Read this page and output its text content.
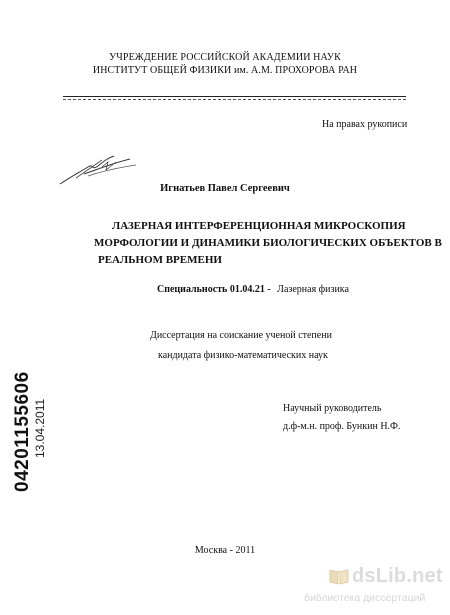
УЧРЕЖДЕНИЕ РОССИЙСКОЙ АКАДЕМИИ НАУК
ИНСТИТУТ ОБЩЕЙ ФИЗИКИ им. А.М. ПРОХОРОВА РАН
На правах рукописи
Игнатьев Павел Сергеевич
ЛАЗЕРНАЯ ИНТЕРФЕРЕНЦИОННАЯ МИКРОСКОПИЯ
МОРФОЛОГИИ И ДИНАМИКИ БИОЛОГИЧЕСКИХ ОБЪЕКТОВ В
РЕАЛЬНОМ ВРЕМЕНИ
Специальность 01.04.21 - Лазерная физика
Диссертация на соискание ученой степени
кандидата физико-математических наук
Научный руководитель
д.ф-м.н. проф. Бункин Н.Ф.
04201155606 13.04.2011
Москва - 2011
dsLib.net
библиотека диссертаций
